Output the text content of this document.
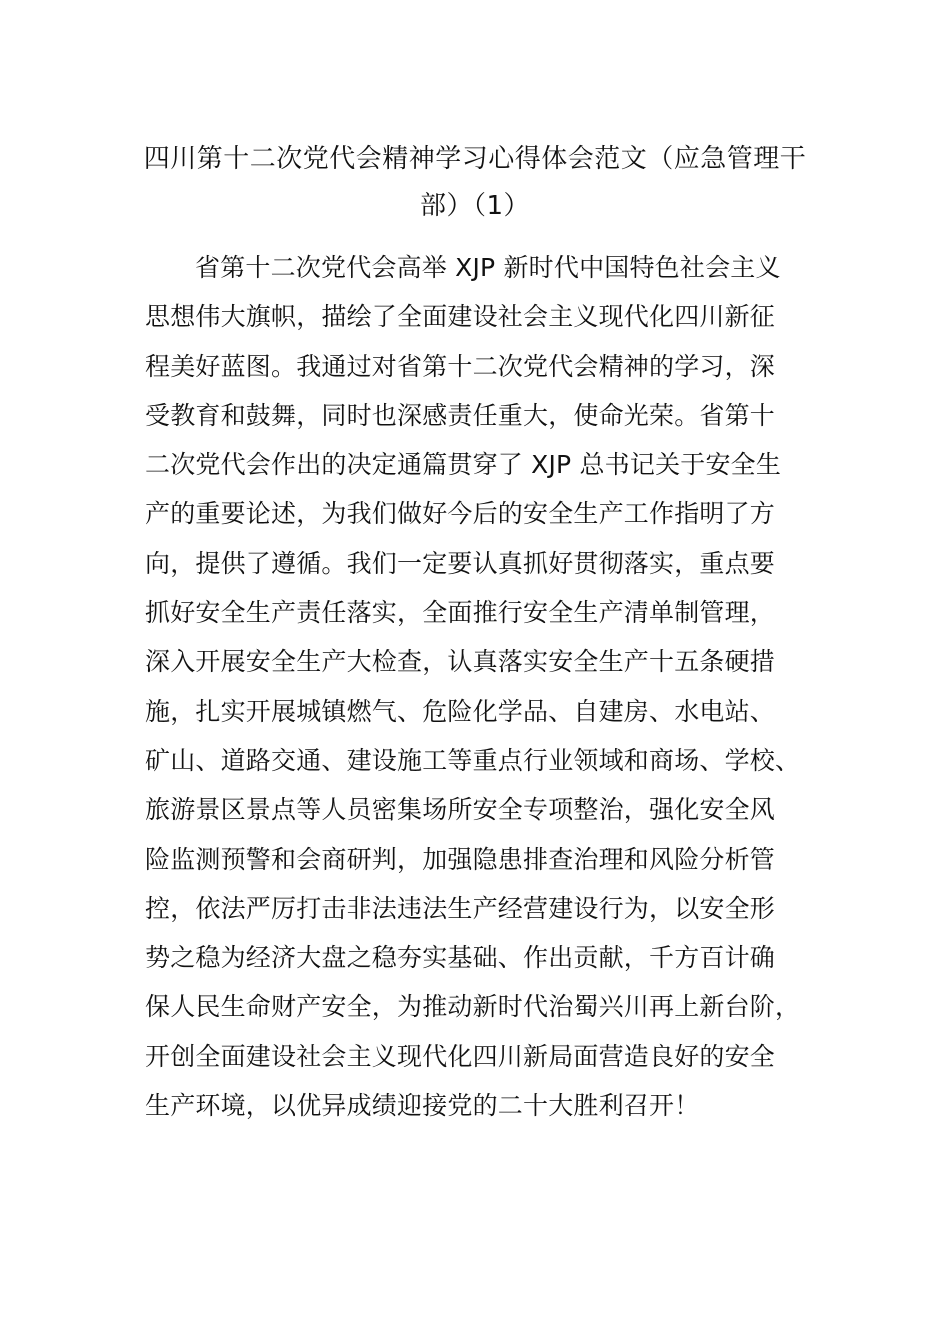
四川第十二次党代会精神学习心得体会范文（应急管理干
部）（1）
省第十二次党代会高举 XJP 新时代中国特色社会主义
思想伟大旗帜，描绘了全面建设社会主义现代化四川新征
程美好蓝图。我通过对省第十二次党代会精神的学习，深
受教育和鼓舞，同时也深感责任重大，使命光荣。省第十
二次党代会作出的决定通篇贯穿了 XJP 总书记关于安全生
产的重要论述，为我们做好今后的安全生产工作指明了方
向，提供了遵循。我们一定要认真抓好贯彻落实，重点要
抓好安全生产责任落实，全面推行安全生产清单制管理，
深入开展安全生产大检查，认真落实安全生产十五条硬措
施，扎实开展城镇燃气、危险化学品、自建房、水电站、
矿山、道路交通、建设施工等重点行业领域和商场、学校、
旅游景区景点等人员密集场所安全专项整治，强化安全风
险监测预警和会商研判，加强隐患排查治理和风险分析管
控，依法严厉打击非法违法生产经营建设行为，以安全形
势之稳为经济大盘之稳夯实基础、作出贡献，千方百计确
保人民生命财产安全，为推动新时代治蜀兴川再上新台阶，
开创全面建设社会主义现代化四川新局面营造良好的安全
生产环境，以优异成绩迎接党的二十大胜利召开！
